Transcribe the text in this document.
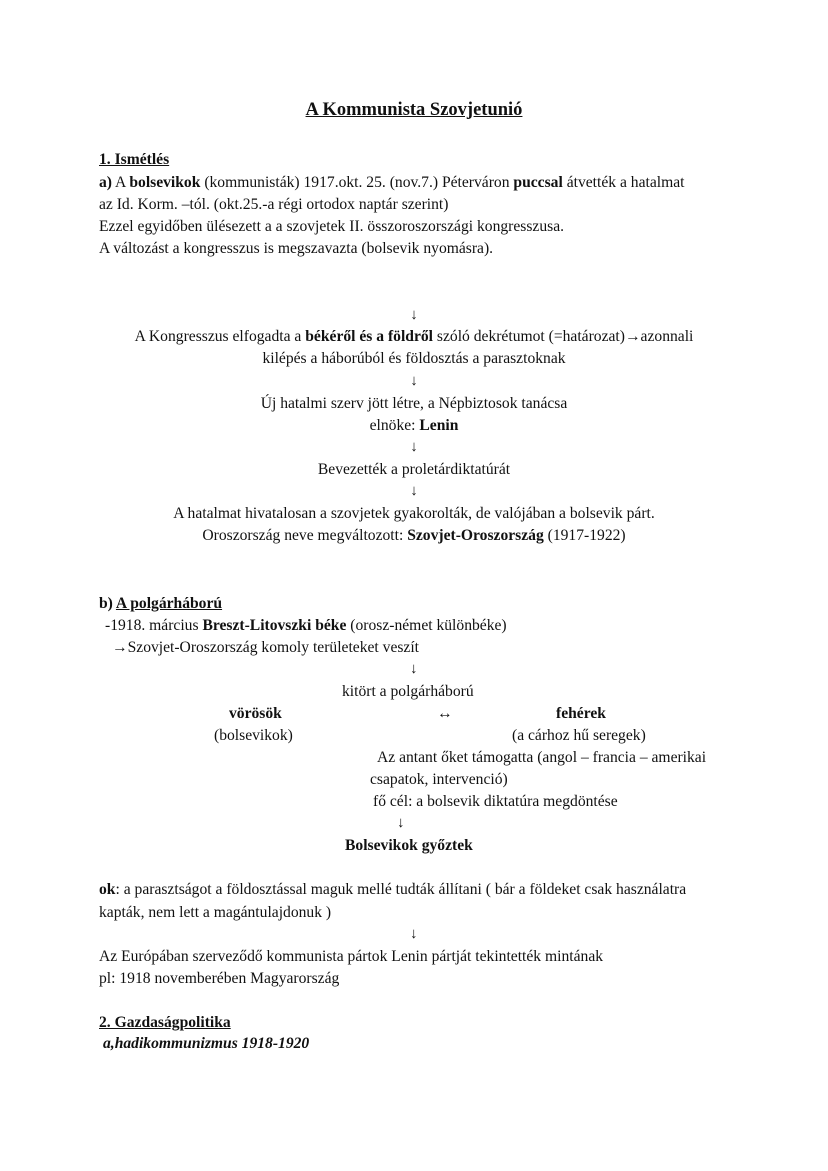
A Kommunista Szovjetunió
1. Ismétlés
a) A bolsevikok (kommunisták) 1917.okt. 25. (nov.7.) Péterváron puccsal átvették a hatalmat
az Id. Korm. –tól. (okt.25.-a régi ortodox naptár szerint)
Ezzel egyidőben ülésezett a a szovjetek II. összoroszországi kongresszusa.
A változást a kongresszus is megszavazta (bolsevik nyomásra).
↓
A Kongresszus elfogadta a békéről és a földről szóló dekrétumot (=határozat)→azonnali
kilépés a háborúból és földosztás a parasztoknak
↓
Új hatalmi szerv jött létre, a Népbiztosok tanácsa
elnöke: Lenin
↓
Bevezették a proletárdiktatúrát
↓
A hatalmat hivatalosan a szovjetek gyakorolták, de valójában a bolsevik párt.
Oroszország neve megváltozott: Szovjet-Oroszország (1917-1922)
b) A polgárháború
-1918. március Breszt-Litovszki béke (orosz-német különbéke)
→Szovjet-Oroszország komoly területeket veszít
↓
kitört a polgárháború
vörösök	↔	fehérek
(bolsevikok)	(a cárhoz hű seregek)
Az antant őket támogatta (angol – francia – amerikai
csapatok, intervenció)
fő cél: a bolsevik diktatúra megdöntése
↓
Bolsevikok győztek
ok: a parasztságot a földosztással maguk mellé tudták állítani ( bár a földeket csak használatra
kapták, nem lett a magántulajdonuk )
↓
Az Európában szerveződő kommunista pártok Lenin pártját tekintették mintának
pl: 1918 novemberében Magyarország
2. Gazdaságpolitika
a,hadikommunizmus 1918-1920
